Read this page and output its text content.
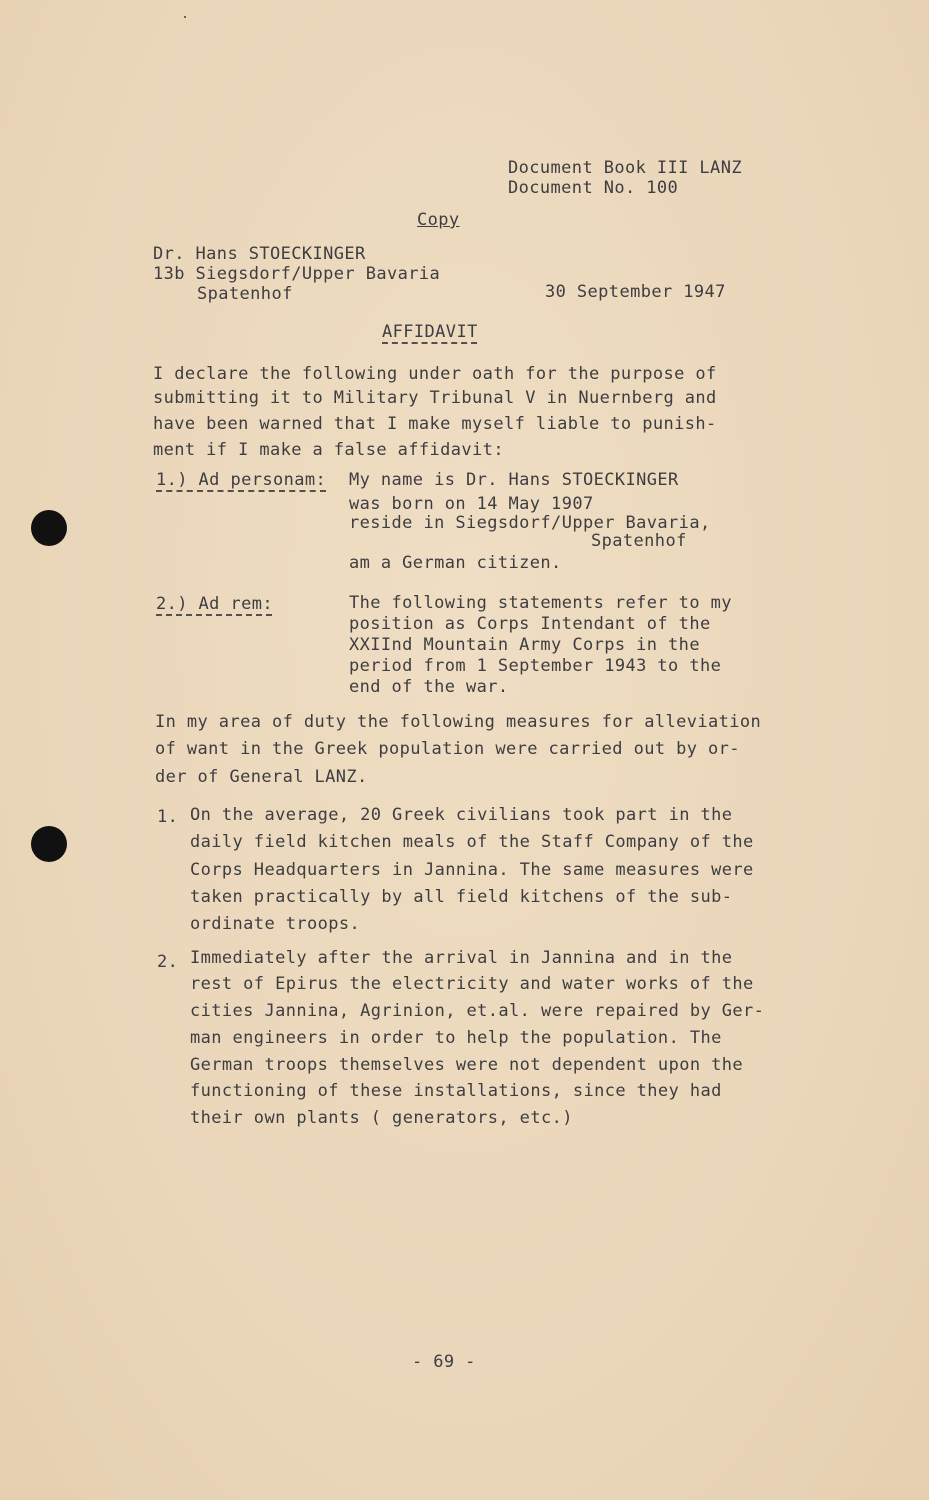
Document Book III LANZ
Document No. 100
Copy
Dr. Hans STOECKINGER
13b Siegsdorf/Upper Bavaria
Spatenhof	30 September 1947
AFFIDAVIT
I declare the following under oath for the purpose of
submitting it to Military Tribunal V in Nuernberg and
have been warned that I make myself liable to punish-
ment if I make a false affidavit:
1.) Ad personam: My name is Dr. Hans STOECKINGER
was born on 14 May 1907
reside in Siegsdorf/Upper Bavaria,
Spatenhof
am a German citizen.
2.) Ad rem:	The following statements refer to my
position as Corps Intendant of the
XXIInd Mountain Army Corps in the
period from 1 September 1943 to the
end of the war.
In my area of duty the following measures for alleviation
of want in the Greek population were carried out by or-
der of General LANZ.
1. On the average, 20 Greek civilians took part in the
daily field kitchen meals of the Staff Company of the
Corps Headquarters in Jannina. The same measures were
taken practically by all field kitchens of the sub-
ordinate troops.
2. Immediately after the arrival in Jannina and in the
rest of Epirus the electricity and water works of the
cities Jannina, Agrinion, et.al. were repaired by Ger-
man engineers in order to help the population. The
German troops themselves were not dependent upon the
functioning of these installations, since they had
their own plants ( generators, etc.)
- 69 -
